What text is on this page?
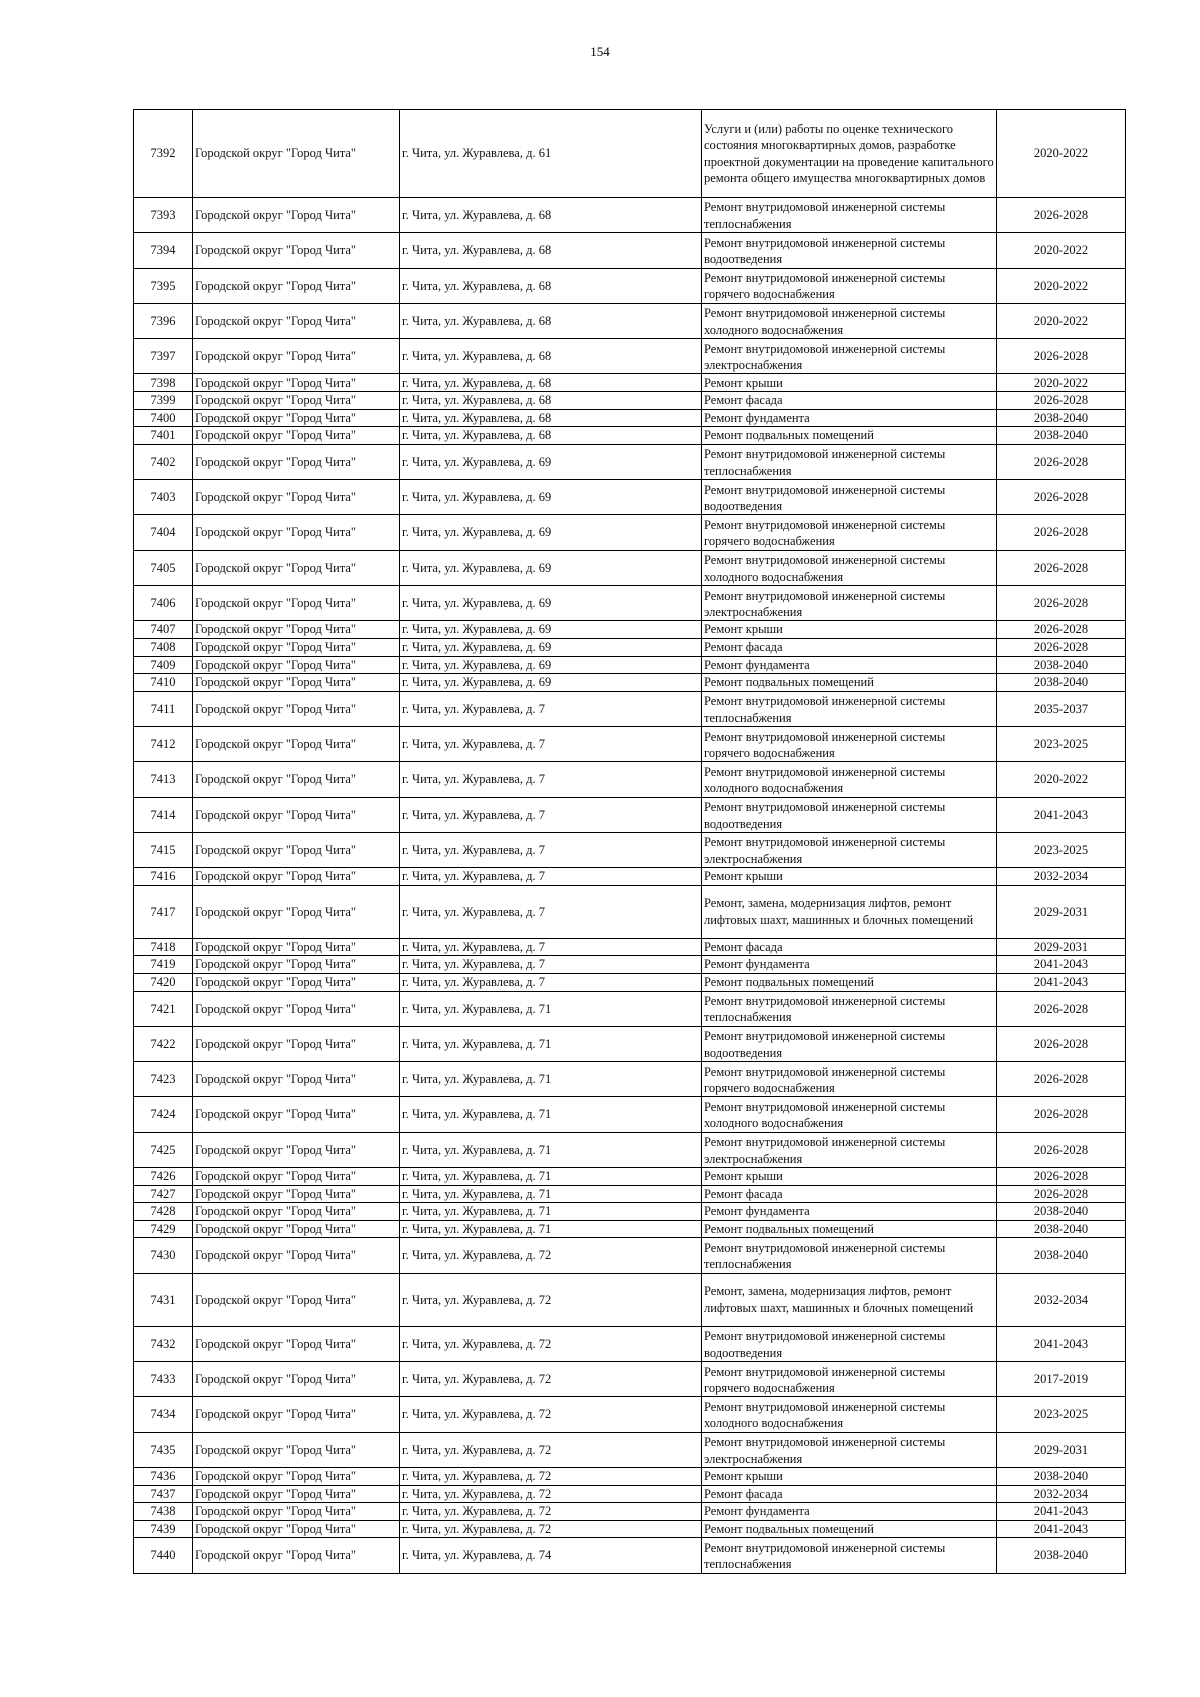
154
7392	Городской округ "Город Чита"	г. Чита, ул. Журавлева, д. 61	Услуги и (или) работы по оценке технического состояния многоквартирных домов, разработке проектной документации на проведение капитального ремонта общего имущества многоквартирных домов	2020-2022
7393	Городской округ "Город Чита"	г. Чита, ул. Журавлева, д. 68	Ремонт внутридомовой инженерной системы теплоснабжения	2026-2028
7394	Городской округ "Город Чита"	г. Чита, ул. Журавлева, д. 68	Ремонт внутридомовой инженерной системы водоотведения	2020-2022
7395	Городской округ "Город Чита"	г. Чита, ул. Журавлева, д. 68	Ремонт внутридомовой инженерной системы горячего водоснабжения	2020-2022
7396	Городской округ "Город Чита"	г. Чита, ул. Журавлева, д. 68	Ремонт внутридомовой инженерной системы холодного водоснабжения	2020-2022
7397	Городской округ "Город Чита"	г. Чита, ул. Журавлева, д. 68	Ремонт внутридомовой инженерной системы электроснабжения	2026-2028
7398	Городской округ "Город Чита"	г. Чита, ул. Журавлева, д. 68	Ремонт крыши	2020-2022
7399	Городской округ "Город Чита"	г. Чита, ул. Журавлева, д. 68	Ремонт фасада	2026-2028
7400	Городской округ "Город Чита"	г. Чита, ул. Журавлева, д. 68	Ремонт фундамента	2038-2040
7401	Городской округ "Город Чита"	г. Чита, ул. Журавлева, д. 68	Ремонт подвальных помещений	2038-2040
7402	Городской округ "Город Чита"	г. Чита, ул. Журавлева, д. 69	Ремонт внутридомовой инженерной системы теплоснабжения	2026-2028
7403	Городской округ "Город Чита"	г. Чита, ул. Журавлева, д. 69	Ремонт внутридомовой инженерной системы водоотведения	2026-2028
7404	Городской округ "Город Чита"	г. Чита, ул. Журавлева, д. 69	Ремонт внутридомовой инженерной системы горячего водоснабжения	2026-2028
7405	Городской округ "Город Чита"	г. Чита, ул. Журавлева, д. 69	Ремонт внутридомовой инженерной системы холодного водоснабжения	2026-2028
7406	Городской округ "Город Чита"	г. Чита, ул. Журавлева, д. 69	Ремонт внутридомовой инженерной системы электроснабжения	2026-2028
7407	Городской округ "Город Чита"	г. Чита, ул. Журавлева, д. 69	Ремонт крыши	2026-2028
7408	Городской округ "Город Чита"	г. Чита, ул. Журавлева, д. 69	Ремонт фасада	2026-2028
7409	Городской округ "Город Чита"	г. Чита, ул. Журавлева, д. 69	Ремонт фундамента	2038-2040
7410	Городской округ "Город Чита"	г. Чита, ул. Журавлева, д. 69	Ремонт подвальных помещений	2038-2040
7411	Городской округ "Город Чита"	г. Чита, ул. Журавлева, д. 7	Ремонт внутридомовой инженерной системы теплоснабжения	2035-2037
7412	Городской округ "Город Чита"	г. Чита, ул. Журавлева, д. 7	Ремонт внутридомовой инженерной системы горячего водоснабжения	2023-2025
7413	Городской округ "Город Чита"	г. Чита, ул. Журавлева, д. 7	Ремонт внутридомовой инженерной системы холодного водоснабжения	2020-2022
7414	Городской округ "Город Чита"	г. Чита, ул. Журавлева, д. 7	Ремонт внутридомовой инженерной системы водоотведения	2041-2043
7415	Городской округ "Город Чита"	г. Чита, ул. Журавлева, д. 7	Ремонт внутридомовой инженерной системы электроснабжения	2023-2025
7416	Городской округ "Город Чита"	г. Чита, ул. Журавлева, д. 7	Ремонт крыши	2032-2034
7417	Городской округ "Город Чита"	г. Чита, ул. Журавлева, д. 7	Ремонт, замена, модернизация лифтов, ремонт лифтовых шахт, машинных и блочных помещений	2029-2031
7418	Городской округ "Город Чита"	г. Чита, ул. Журавлева, д. 7	Ремонт фасада	2029-2031
7419	Городской округ "Город Чита"	г. Чита, ул. Журавлева, д. 7	Ремонт фундамента	2041-2043
7420	Городской округ "Город Чита"	г. Чита, ул. Журавлева, д. 7	Ремонт подвальных помещений	2041-2043
7421	Городской округ "Город Чита"	г. Чита, ул. Журавлева, д. 71	Ремонт внутридомовой инженерной системы теплоснабжения	2026-2028
7422	Городской округ "Город Чита"	г. Чита, ул. Журавлева, д. 71	Ремонт внутридомовой инженерной системы водоотведения	2026-2028
7423	Городской округ "Город Чита"	г. Чита, ул. Журавлева, д. 71	Ремонт внутридомовой инженерной системы горячего водоснабжения	2026-2028
7424	Городской округ "Город Чита"	г. Чита, ул. Журавлева, д. 71	Ремонт внутридомовой инженерной системы холодного водоснабжения	2026-2028
7425	Городской округ "Город Чита"	г. Чита, ул. Журавлева, д. 71	Ремонт внутридомовой инженерной системы электроснабжения	2026-2028
7426	Городской округ "Город Чита"	г. Чита, ул. Журавлева, д. 71	Ремонт крыши	2026-2028
7427	Городской округ "Город Чита"	г. Чита, ул. Журавлева, д. 71	Ремонт фасада	2026-2028
7428	Городской округ "Город Чита"	г. Чита, ул. Журавлева, д. 71	Ремонт фундамента	2038-2040
7429	Городской округ "Город Чита"	г. Чита, ул. Журавлева, д. 71	Ремонт подвальных помещений	2038-2040
7430	Городской округ "Город Чита"	г. Чита, ул. Журавлева, д. 72	Ремонт внутридомовой инженерной системы теплоснабжения	2038-2040
7431	Городской округ "Город Чита"	г. Чита, ул. Журавлева, д. 72	Ремонт, замена, модернизация лифтов, ремонт лифтовых шахт, машинных и блочных помещений	2032-2034
7432	Городской округ "Город Чита"	г. Чита, ул. Журавлева, д. 72	Ремонт внутридомовой инженерной системы водоотведения	2041-2043
7433	Городской округ "Город Чита"	г. Чита, ул. Журавлева, д. 72	Ремонт внутридомовой инженерной системы горячего водоснабжения	2017-2019
7434	Городской округ "Город Чита"	г. Чита, ул. Журавлева, д. 72	Ремонт внутридомовой инженерной системы холодного водоснабжения	2023-2025
7435	Городской округ "Город Чита"	г. Чита, ул. Журавлева, д. 72	Ремонт внутридомовой инженерной системы электроснабжения	2029-2031
7436	Городской округ "Город Чита"	г. Чита, ул. Журавлева, д. 72	Ремонт крыши	2038-2040
7437	Городской округ "Город Чита"	г. Чита, ул. Журавлева, д. 72	Ремонт фасада	2032-2034
7438	Городской округ "Город Чита"	г. Чита, ул. Журавлева, д. 72	Ремонт фундамента	2041-2043
7439	Городской округ "Город Чита"	г. Чита, ул. Журавлева, д. 72	Ремонт подвальных помещений	2041-2043
7440	Городской округ "Город Чита"	г. Чита, ул. Журавлева, д. 74	Ремонт внутридомовой инженерной системы теплоснабжения	2038-2040
